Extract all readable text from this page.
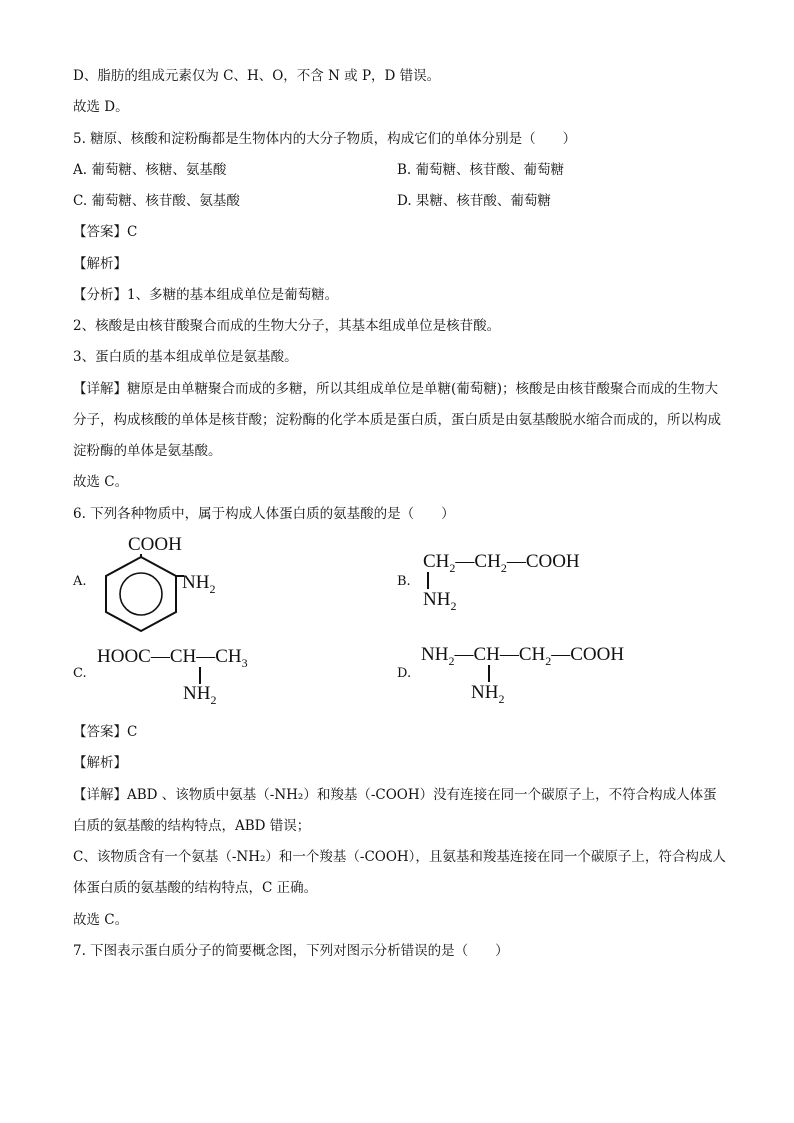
D、脂肪的组成元素仅为 C、H、O，不含 N 或 P，D 错误。
故选 D。
5. 糖原、核酸和淀粉酶都是生物体内的大分子物质，构成它们的单体分别是（　　）
A. 葡萄糖、核糖、氨基酸	B. 葡萄糖、核苷酸、葡萄糖
C. 葡萄糖、核苷酸、氨基酸	D. 果糖、核苷酸、葡萄糖
【答案】C
【解析】
【分析】1、多糖的基本组成单位是葡萄糖。
2、核酸是由核苷酸聚合而成的生物大分子，其基本组成单位是核苷酸。
3、蛋白质的基本组成单位是氨基酸。
【详解】糖原是由单糖聚合而成的多糖，所以其组成单位是单糖(葡萄糖)；核酸是由核苷酸聚合而成的生物大分子，构成核酸的单体是核苷酸；淀粉酶的化学本质是蛋白质，蛋白质是由氨基酸脱水缩合而成的，所以构成淀粉酶的单体是氨基酸。
故选 C。
6. 下列各种物质中，属于构成人体蛋白质的氨基酸的是（　　）
A.
COOH
$NH_2$	B.
$CH_2—CH_2—COOH$
$NH_2$
C.
$HOOC—CH—CH_3$
$NH_2$
D.
$NH_2—CH—CH_2—COOH$
$NH_2$
【答案】C
【解析】
【详解】ABD 、该物质中氨基（-NH₂）和羧基（-COOH）没有连接在同一个碳原子上，不符合构成人体蛋白质的氨基酸的结构特点，ABD 错误；
C、该物质含有一个氨基（-NH₂）和一个羧基（-COOH），且氨基和羧基连接在同一个碳原子上，符合构成人体蛋白质的氨基酸的结构特点，C 正确。
故选 C。
7. 下图表示蛋白质分子的简要概念图，下列对图示分析错误的是（　　）
